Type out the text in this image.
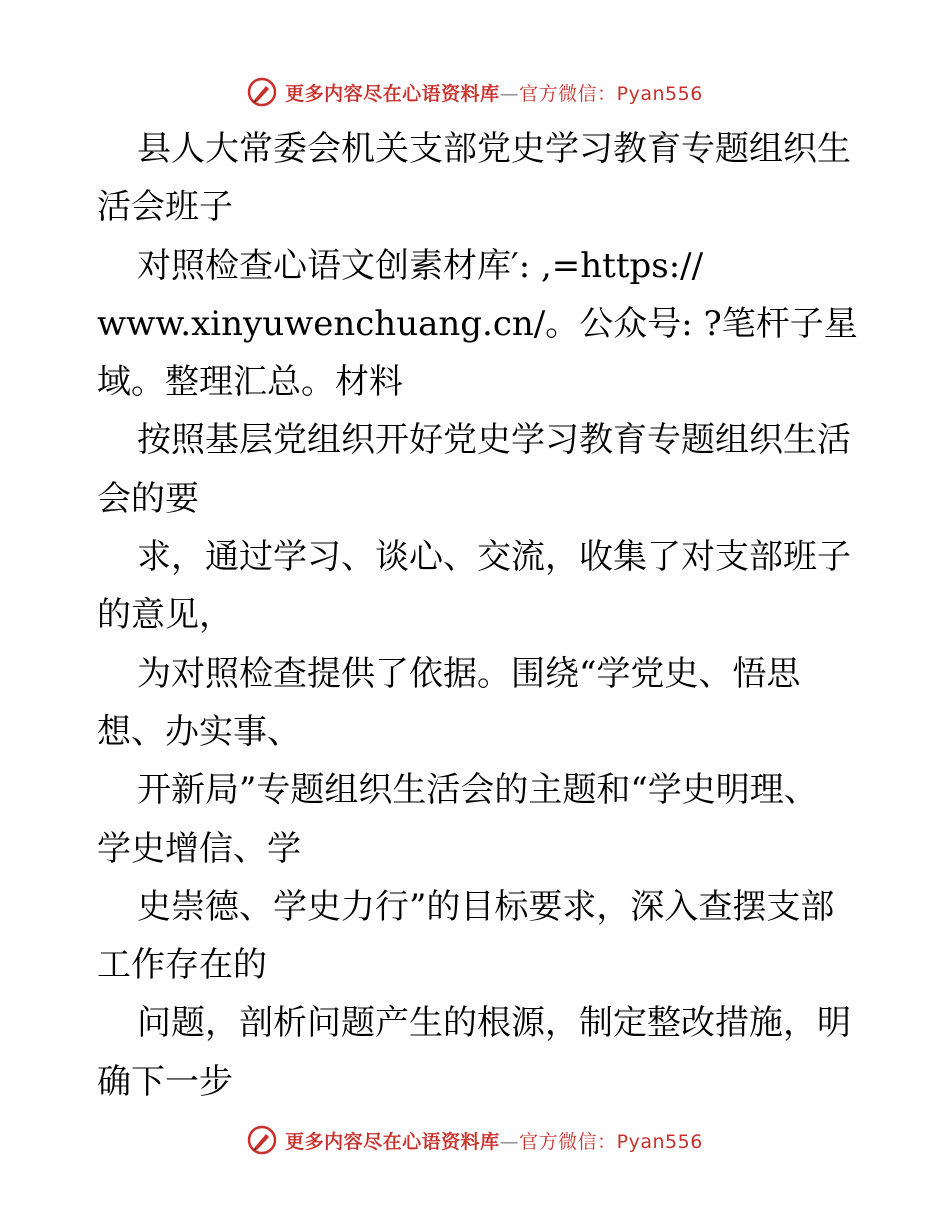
更多内容尽在心语资料库—官方微信：Pyan556
县人大常委会机关支部党史学习教育专题组织生
活会班子
对照检查心语文创素材库′: ,=https://
www.xinyuwenchuang.cn/。公众号: ?笔杆子星
域。整理汇总。材料
按照基层党组织开好党史学习教育专题组织生活
会的要
求，通过学习、谈心、交流，收集了对支部班子
的意见，
为对照检查提供了依据。围绕“学党史、悟思
想、办实事、
开新局”专题组织生活会的主题和“学史明理、
学史增信、学
史崇德、学史力行”的目标要求，深入查摆支部
工作存在的
问题，剖析问题产生的根源，制定整改措施，明
确下一步
更多内容尽在心语资料库—官方微信：Pyan556
